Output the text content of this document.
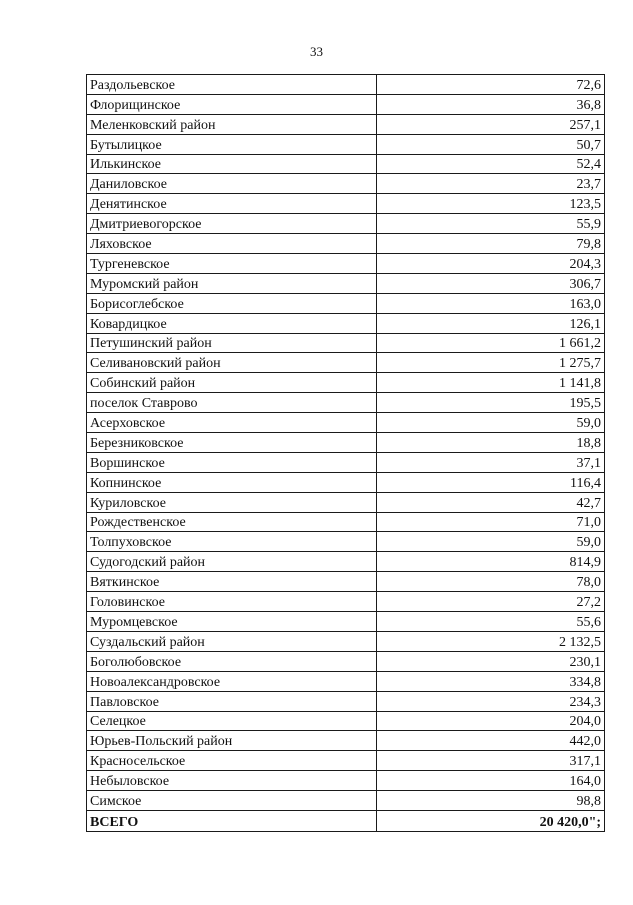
33
Раздольевское	72,6
Флорищинское	36,8
Меленковский район	257,1
Бутылицкое	50,7
Илькинское	52,4
Даниловское	23,7
Денятинское	123,5
Дмитриевогорское	55,9
Ляховское	79,8
Тургеневское	204,3
Муромский район	306,7
Борисоглебское	163,0
Ковардицкое	126,1
Петушинский район	1 661,2
Селивановский район	1 275,7
Собинский район	1 141,8
поселок Ставрово	195,5
Асерховское	59,0
Березниковское	18,8
Воршинское	37,1
Копнинское	116,4
Куриловское	42,7
Рождественское	71,0
Толпуховское	59,0
Судогодский район	814,9
Вяткинское	78,0
Головинское	27,2
Муромцевское	55,6
Суздальский район	2 132,5
Боголюбовское	230,1
Новоалександровское	334,8
Павловское	234,3
Селецкое	204,0
Юрьев-Польский район	442,0
Красносельское	317,1
Небыловское	164,0
Симское	98,8
ВСЕГО	20 420,0";
